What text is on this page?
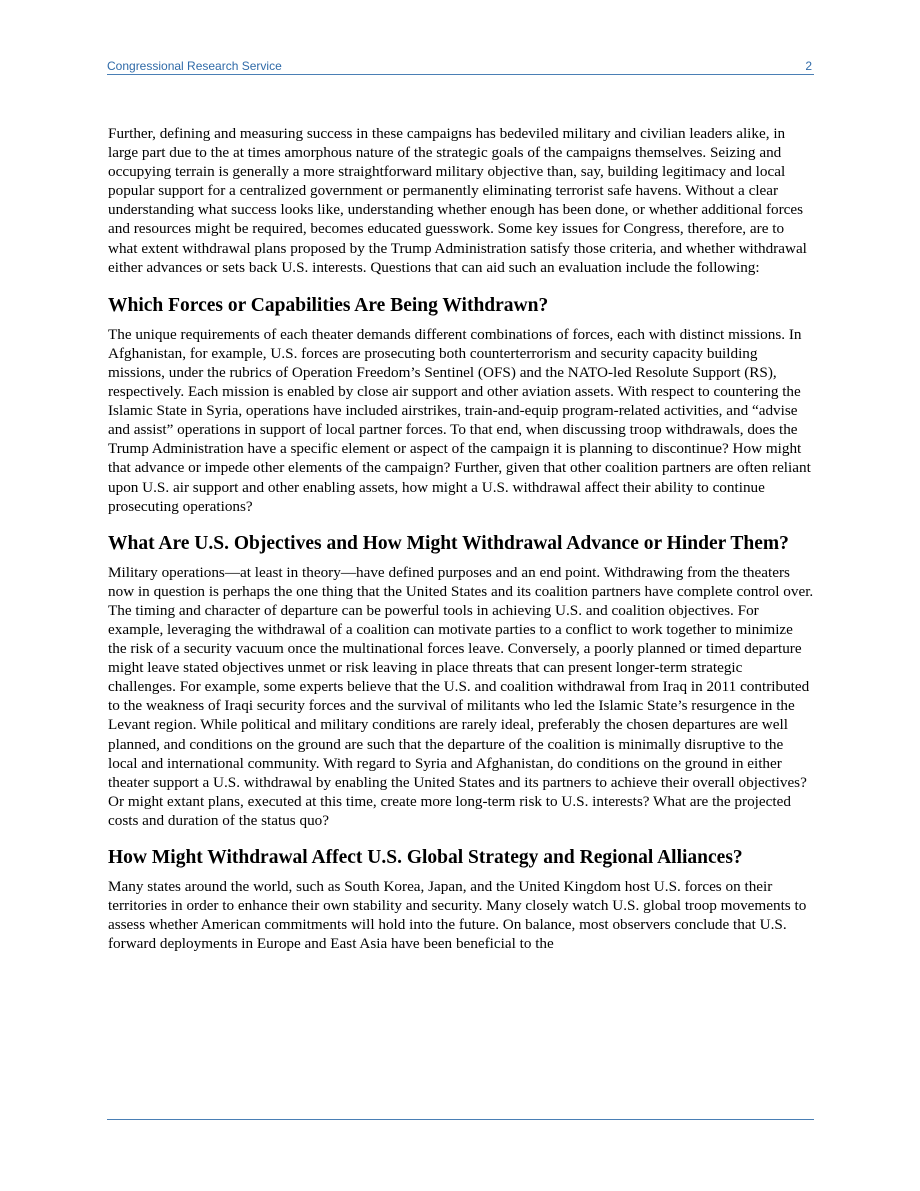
Congressional Research Service	2

Further, defining and measuring success in these campaigns has bedeviled military and civilian leaders alike, in large part due to the at times amorphous nature of the strategic goals of the campaigns themselves. Seizing and occupying terrain is generally a more straightforward military objective than, say, building legitimacy and local popular support for a centralized government or permanently eliminating terrorist safe havens. Without a clear understanding what success looks like, understanding whether enough has been done, or whether additional forces and resources might be required, becomes educated guesswork. Some key issues for Congress, therefore, are to what extent withdrawal plans proposed by the Trump Administration satisfy those criteria, and whether withdrawal either advances or sets back U.S. interests. Questions that can aid such an evaluation include the following:

Which Forces or Capabilities Are Being Withdrawn?

The unique requirements of each theater demands different combinations of forces, each with distinct missions. In Afghanistan, for example, U.S. forces are prosecuting both counterterrorism and security capacity building missions, under the rubrics of Operation Freedom’s Sentinel (OFS) and the NATO-led Resolute Support (RS), respectively. Each mission is enabled by close air support and other aviation assets. With respect to countering the Islamic State in Syria, operations have included airstrikes, train-and-equip program-related activities, and “advise and assist” operations in support of local partner forces. To that end, when discussing troop withdrawals, does the Trump Administration have a specific element or aspect of the campaign it is planning to discontinue? How might that advance or impede other elements of the campaign? Further, given that other coalition partners are often reliant upon U.S. air support and other enabling assets, how might a U.S. withdrawal affect their ability to continue prosecuting operations?

What Are U.S. Objectives and How Might Withdrawal Advance or Hinder Them?

Military operations—at least in theory—have defined purposes and an end point. Withdrawing from the theaters now in question is perhaps the one thing that the United States and its coalition partners have complete control over. The timing and character of departure can be powerful tools in achieving U.S. and coalition objectives. For example, leveraging the withdrawal of a coalition can motivate parties to a conflict to work together to minimize the risk of a security vacuum once the multinational forces leave. Conversely, a poorly planned or timed departure might leave stated objectives unmet or risk leaving in place threats that can present longer-term strategic challenges. For example, some experts believe that the U.S. and coalition withdrawal from Iraq in 2011 contributed to the weakness of Iraqi security forces and the survival of militants who led the Islamic State’s resurgence in the Levant region. While political and military conditions are rarely ideal, preferably the chosen departures are well planned, and conditions on the ground are such that the departure of the coalition is minimally disruptive to the local and international community. With regard to Syria and Afghanistan, do conditions on the ground in either theater support a U.S. withdrawal by enabling the United States and its partners to achieve their overall objectives? Or might extant plans, executed at this time, create more long-term risk to U.S. interests? What are the projected costs and duration of the status quo?

How Might Withdrawal Affect U.S. Global Strategy and Regional Alliances?

Many states around the world, such as South Korea, Japan, and the United Kingdom host U.S. forces on their territories in order to enhance their own stability and security. Many closely watch U.S. global troop movements to assess whether American commitments will hold into the future. On balance, most observers conclude that U.S. forward deployments in Europe and East Asia have been beneficial to the
